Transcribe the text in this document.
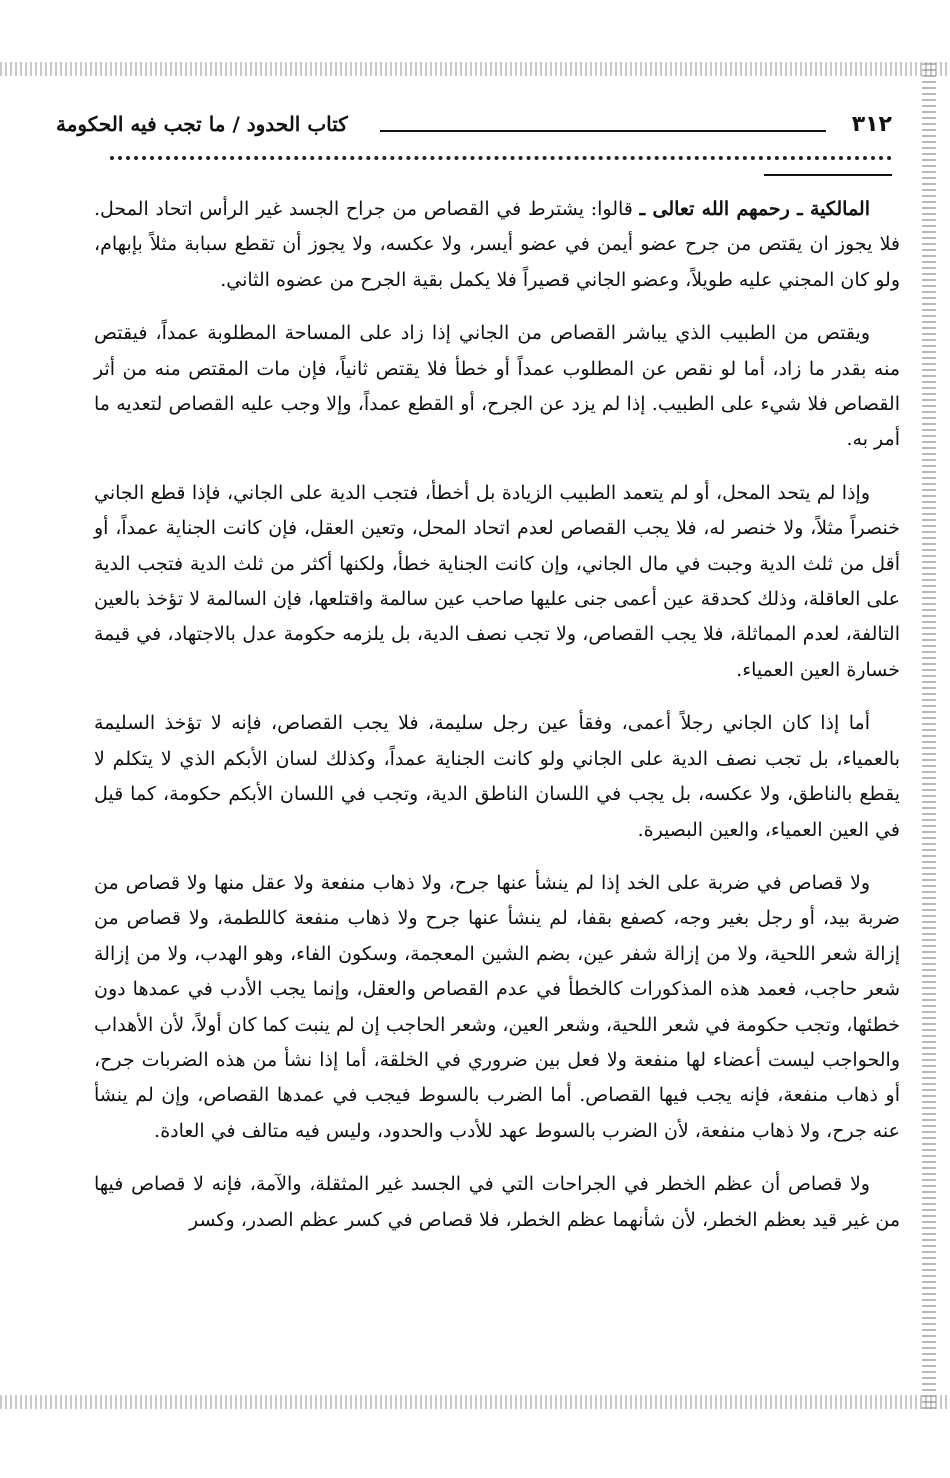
٣١٢
كتاب الحدود / ما تجب فيه الحكومة

المالكية ـ رحمهم الله تعالى ـ قالوا: يشترط في القصاص من جراح الجسد غير الرأس اتحاد المحل. فلا يجوز ان يقتص من جرح عضو أيمن في عضو أيسر، ولا عكسه، ولا يجوز أن تقطع سبابة مثلاً بإبهام، ولو كان المجني عليه طويلاً، وعضو الجاني قصيراً فلا يكمل بقية الجرح من عضوه الثاني.

ويقتص من الطبيب الذي يباشر القصاص من الجاني إذا زاد على المساحة المطلوبة عمداً، فيقتص منه بقدر ما زاد، أما لو نقص عن المطلوب عمداً أو خطأ فلا يقتص ثانياً، فإن مات المقتص منه من أثر القصاص فلا شيء على الطبيب. إذا لم يزد عن الجرح، أو القطع عمداً، وإلا وجب عليه القصاص لتعديه ما أمر به.

وإذا لم يتحد المحل، أو لم يتعمد الطبيب الزيادة بل أخطأ، فتجب الدية على الجاني، فإذا قطع الجاني خنصراً مثلاً، ولا خنصر له، فلا يجب القصاص لعدم اتحاد المحل، وتعين العقل، فإن كانت الجناية عمداً، أو أقل من ثلث الدية وجبت في مال الجاني، وإن كانت الجناية خطأ، ولكنها أكثر من ثلث الدية فتجب الدية على العاقلة، وذلك كحدقة عين أعمى جنى عليها صاحب عين سالمة واقتلعها، فإن السالمة لا تؤخذ بالعين التالفة، لعدم المماثلة، فلا يجب القصاص، ولا تجب نصف الدية، بل يلزمه حكومة عدل بالاجتهاد، في قيمة خسارة العين العمياء.

أما إذا كان الجاني رجلاً أعمى، وفقأ عين رجل سليمة، فلا يجب القصاص، فإنه لا تؤخذ السليمة بالعمياء، بل تجب نصف الدية على الجاني ولو كانت الجناية عمداً، وكذلك لسان الأبكم الذي لا يتكلم لا يقطع بالناطق، ولا عكسه، بل يجب في اللسان الناطق الدية، وتجب في اللسان الأبكم حكومة، كما قيل في العين العمياء، والعين البصيرة.

ولا قصاص في ضربة على الخد إذا لم ينشأ عنها جرح، ولا ذهاب منفعة ولا عقل منها ولا قصاص من ضربة بيد، أو رجل بغير وجه، كصفع بقفا، لم ينشأ عنها جرح ولا ذهاب منفعة كاللطمة، ولا قصاص من إزالة شعر اللحية، ولا من إزالة شفر عين، بضم الشين المعجمة، وسكون الفاء، وهو الهدب، ولا من إزالة شعر حاجب، فعمد هذه المذكورات كالخطأ في عدم القصاص والعقل، وإنما يجب الأدب في عمدها دون خطئها، وتجب حكومة في شعر اللحية، وشعر العين، وشعر الحاجب إن لم ينبت كما كان أولاً، لأن الأهداب والحواجب ليست أعضاء لها منفعة ولا فعل بين ضروري في الخلقة، أما إذا نشأ من هذه الضربات جرح، أو ذهاب منفعة، فإنه يجب فيها القصاص. أما الضرب بالسوط فيجب في عمدها القصاص، وإن لم ينشأ عنه جرح، ولا ذهاب منفعة، لأن الضرب بالسوط عهد للأدب والحدود، وليس فيه متالف في العادة.

ولا قصاص أن عظم الخطر في الجراحات التي في الجسد غير المثقلة، والآمة، فإنه لا قصاص فيها من غير قيد بعظم الخطر، لأن شأنهما عظم الخطر، فلا قصاص في كسر عظم الصدر، وكسر
